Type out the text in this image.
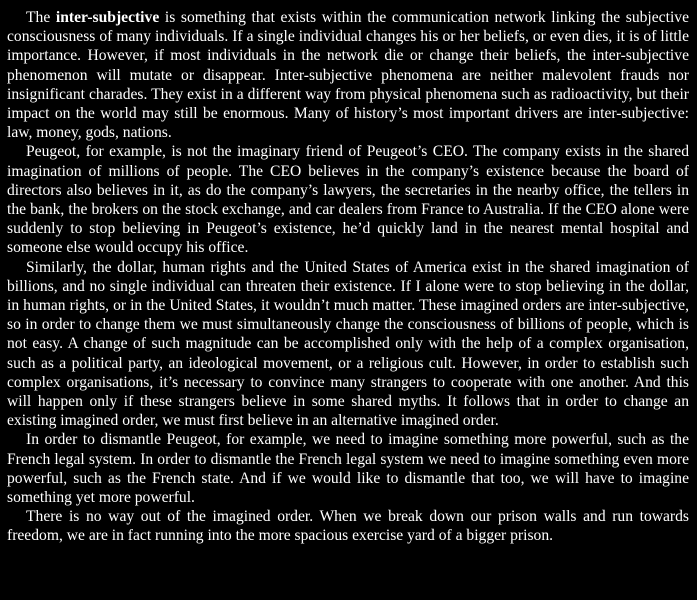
The inter-subjective is something that exists within the communication network linking the subjective consciousness of many individuals. If a single individual changes his or her beliefs, or even dies, it is of little importance. However, if most individuals in the network die or change their beliefs, the inter-subjective phenomenon will mutate or disappear. Inter-subjective phenomena are neither malevolent frauds nor insignificant charades. They exist in a different way from physical phenomena such as radioactivity, but their impact on the world may still be enormous. Many of history’s most important drivers are inter-subjective: law, money, gods, nations.

Peugeot, for example, is not the imaginary friend of Peugeot’s CEO. The company exists in the shared imagination of millions of people. The CEO believes in the company’s existence because the board of directors also believes in it, as do the company’s lawyers, the secretaries in the nearby office, the tellers in the bank, the brokers on the stock exchange, and car dealers from France to Australia. If the CEO alone were suddenly to stop believing in Peugeot’s existence, he’d quickly land in the nearest mental hospital and someone else would occupy his office.

Similarly, the dollar, human rights and the United States of America exist in the shared imagination of billions, and no single individual can threaten their existence. If I alone were to stop believing in the dollar, in human rights, or in the United States, it wouldn’t much matter. These imagined orders are inter-subjective, so in order to change them we must simultaneously change the consciousness of billions of people, which is not easy. A change of such magnitude can be accomplished only with the help of a complex organisation, such as a political party, an ideological movement, or a religious cult. However, in order to establish such complex organisations, it’s necessary to convince many strangers to cooperate with one another. And this will happen only if these strangers believe in some shared myths. It follows that in order to change an existing imagined order, we must first believe in an alternative imagined order.

In order to dismantle Peugeot, for example, we need to imagine something more powerful, such as the French legal system. In order to dismantle the French legal system we need to imagine something even more powerful, such as the French state. And if we would like to dismantle that too, we will have to imagine something yet more powerful.

There is no way out of the imagined order. When we break down our prison walls and run towards freedom, we are in fact running into the more spacious exercise yard of a bigger prison.
